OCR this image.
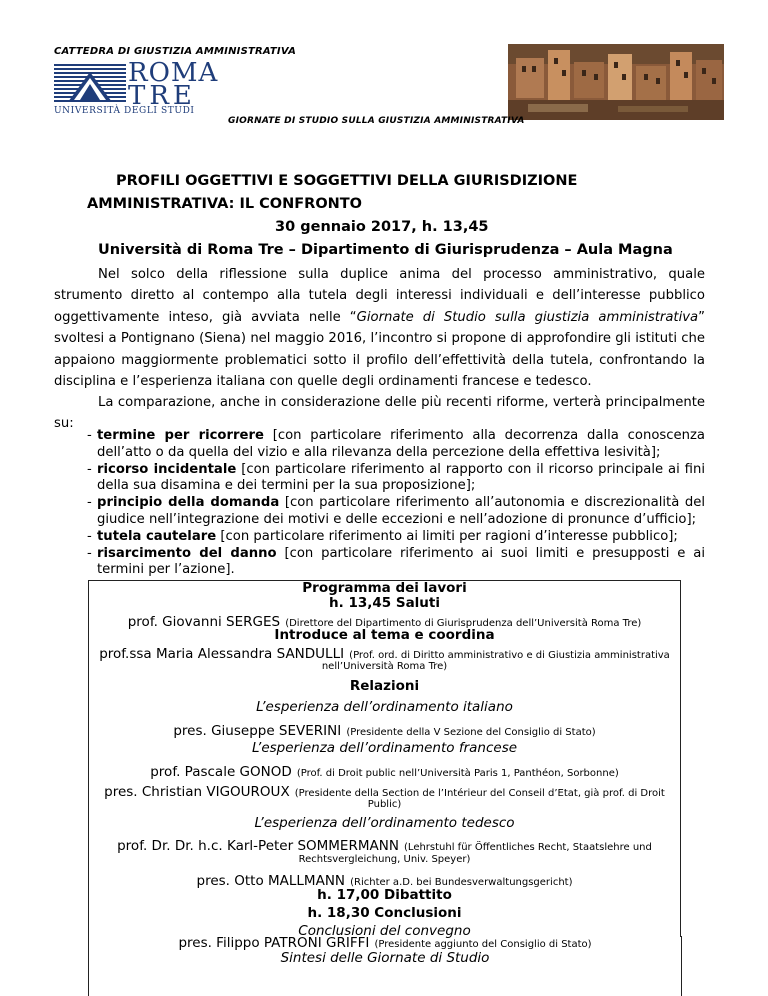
CATTEDRA DI GIUSTIZIA AMMINISTRATIVA
ROMA
TRE
UNIVERSITÀ DEGLI STUDI
GIORNATE DI STUDIO SULLA GIUSTIZIA AMMINISTRATIVA
PROFILI OGGETTIVI E SOGGETTIVI DELLA GIURISDIZIONE
AMMINISTRATIVA: IL CONFRONTO
30 gennaio 2017, h. 13,45
Università di Roma Tre – Dipartimento di Giurisprudenza – Aula Magna
Nel solco della riflessione sulla duplice anima del processo amministrativo, quale strumento diretto al contempo alla tutela degli interessi individuali e dell’interesse pubblico oggettivamente inteso, già avviata nelle “Giornate di Studio sulla giustizia amministrativa” svoltesi a Pontignano (Siena) nel maggio 2016, l’incontro si propone di approfondire gli istituti che appaiono maggiormente problematici sotto il profilo dell’effettività della tutela, confrontando la disciplina e l’esperienza italiana con quelle degli ordinamenti francese e tedesco.
La comparazione, anche in considerazione delle più recenti riforme, verterà principalmente su:
- termine per ricorrere [con particolare riferimento alla decorrenza dalla conoscenza dell’atto o da quella del vizio e alla rilevanza della percezione della effettiva lesività];
- ricorso incidentale [con particolare riferimento al rapporto con il ricorso principale ai fini della sua disamina e dei termini per la sua proposizione];
- principio della domanda [con particolare riferimento all’autonomia e discrezionalità del giudice nell’integrazione dei motivi e delle eccezioni e nell’adozione di pronunce d’ufficio];
- tutela cautelare [con particolare riferimento ai limiti per ragioni d’interesse pubblico];
- risarcimento del danno [con particolare riferimento ai suoi limiti e presupposti e ai termini per l’azione].
Programma dei lavori
h. 13,45 Saluti
prof. Giovanni SERGES (Direttore del Dipartimento di Giurisprudenza dell’Università Roma Tre)
Introduce al tema e coordina
prof.ssa Maria Alessandra SANDULLI (Prof. ord. di Diritto amministrativo e di Giustizia amministrativa
nell’Università Roma Tre)
Relazioni
L’esperienza dell’ordinamento italiano
pres. Giuseppe SEVERINI (Presidente della V Sezione del Consiglio di Stato)
L’esperienza dell’ordinamento francese
prof. Pascale GONOD (Prof. di Droit public nell’Università Paris 1, Panthéon, Sorbonne)
pres. Christian VIGOUROUX (Presidente della Section de l’Intérieur del Conseil d’Etat, già prof. di Droit
Public)
L’esperienza dell’ordinamento tedesco
prof. Dr. Dr. h.c. Karl-Peter SOMMERMANN (Lehrstuhl für Öffentliches Recht, Staatslehre und
Rechtsvergleichung, Univ. Speyer)
pres. Otto MALLMANN (Richter a.D. bei Bundesverwaltungsgericht)
h. 17,00 Dibattito
h. 18,30 Conclusioni
Conclusioni del convegno
pres. Filippo PATRONI GRIFFI (Presidente aggiunto del Consiglio di Stato)
Sintesi delle Giornate di Studio
